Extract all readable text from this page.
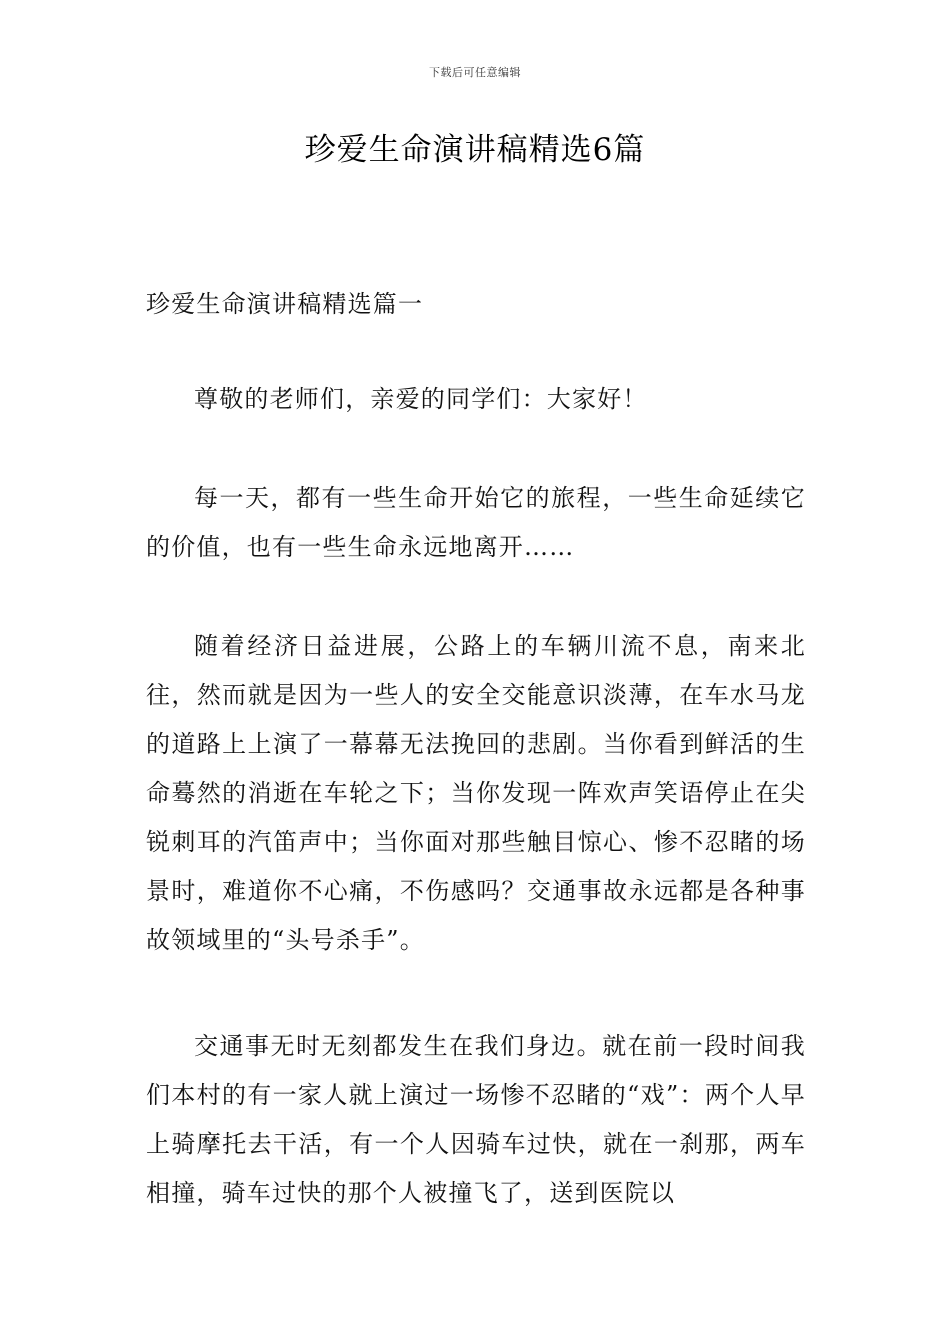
下载后可任意编辑
珍爱生命演讲稿精选6篇
珍爱生命演讲稿精选篇一

尊敬的老师们，亲爱的同学们：大家好！

每一天，都有一些生命开始它的旅程，一些生命延续它的价值，也有一些生命永远地离开……

随着经济日益进展，公路上的车辆川流不息，南来北往，然而就是因为一些人的安全交能意识淡薄，在车水马龙的道路上上演了一幕幕无法挽回的悲剧。当你看到鲜活的生命蓦然的消逝在车轮之下；当你发现一阵欢声笑语停止在尖锐刺耳的汽笛声中；当你面对那些触目惊心、惨不忍睹的场景时，难道你不心痛，不伤感吗？交通事故永远都是各种事故领域里的“头号杀手”。

交通事无时无刻都发生在我们身边。就在前一段时间我们本村的有一家人就上演过一场惨不忍睹的“戏”：两个人早上骑摩托去干活，有一个人因骑车过快，就在一刹那，两车相撞，骑车过快的那个人被撞飞了，送到医院以
